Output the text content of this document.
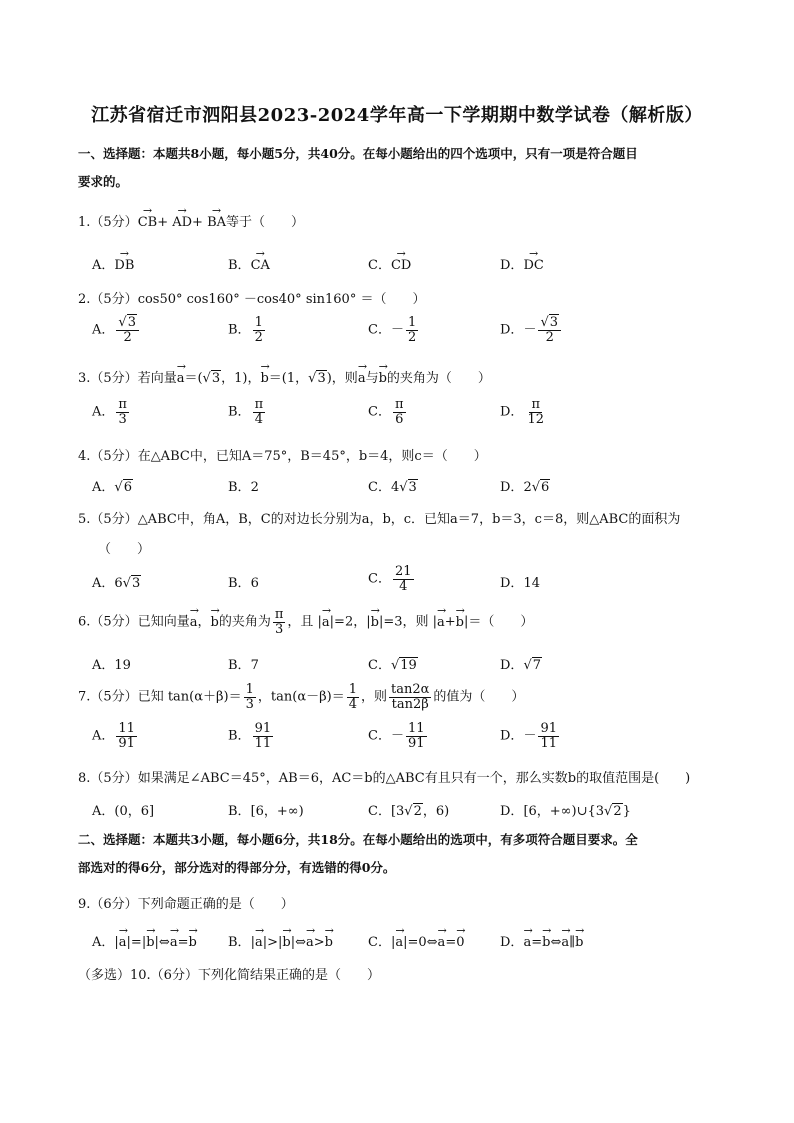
江苏省宿迁市泗阳县2023-2024学年高一下学期期中数学试卷（解析版）
一、选择题：本题共8小题，每小题5分，共40分。在每小题给出的四个选项中，只有一项是符合题目
要求的。
1.（5分）→ CB+ → AD+ → BA等于（　　）
A．→ DB	B．→ CA	C．→ CD	D．→ DC
2.（5分）cos50° cos160° －cos40° sin160° ＝（　　）
A． $\frac{√3}{2}$	B． $\frac{1}{2}$	C．－ $\frac{1}{2}$	D．－ $\frac{√3}{2}$
3.（5分）若向量→ a＝(√3，1)，→ b＝(1，√3)，则→ a与→ b的夹角为（　　）
A． $\frac{\pi}{3}$	B． $\frac{\pi}{4}$	C． $\frac{\pi}{6}$	D． $\frac{\pi}{12}$
4.（5分）在△ABC中，已知A＝75°，B＝45°，b＝4，则c＝（　　）
A．√6	B．2	C．4√3	D．2√6
5.（5分）△ABC中，角A，B，C的对边长分别为a，b，c．已知a＝7，b＝3，c＝8，则△ABC的面积为
（　　）
A．6√3	B．6	C． $\frac{21}{4}$	D．14
6.（5分）已知向量→ a，→ b的夹角为 $\frac{\pi}{3}$ ，且 |→ a|=2，|→ b|=3，则 |→ a+→ b|＝（　　）
A．19	B．7	C．√19	D．√7
7.（5分）已知 $\tan(\alpha+\beta)= \frac{1}{3}$ ，$\tan(\alpha-\beta)= \frac{1}{4}$ ，则 $\frac{\tan 2\alpha}{\tan 2\beta}$ 的值为（　　）
A． $\frac{11}{91}$	B． $\frac{91}{11}$	C．－ $\frac{11}{91}$	D．－ $\frac{91}{11}$
8.（5分）如果满足∠ABC＝45°，AB＝6，AC＝b的△ABC有且只有一个，那么实数b的取值范围是(　　)
A．(0，6]	B．[6，+∞)	C．[3√2，6)	D．[6，+∞)∪{3√2}
二、选择题：本题共3小题，每小题6分，共18分。在每小题给出的选项中，有多项符合题目要求。全
部选对的得6分，部分选对的得部分分，有选错的得0分。
9.（6分）下列命题正确的是（　　）
A．|→ a|=|→ b|⇔→ a=→ b B．|→ a|>|→ b|⇔→ a>→ b	C．|→ a|=0⇔→ a=→ 0	D．→ a=→ b⇔→ a∥→ b
（多选）10.（6分）下列化简结果正确的是（　　）
